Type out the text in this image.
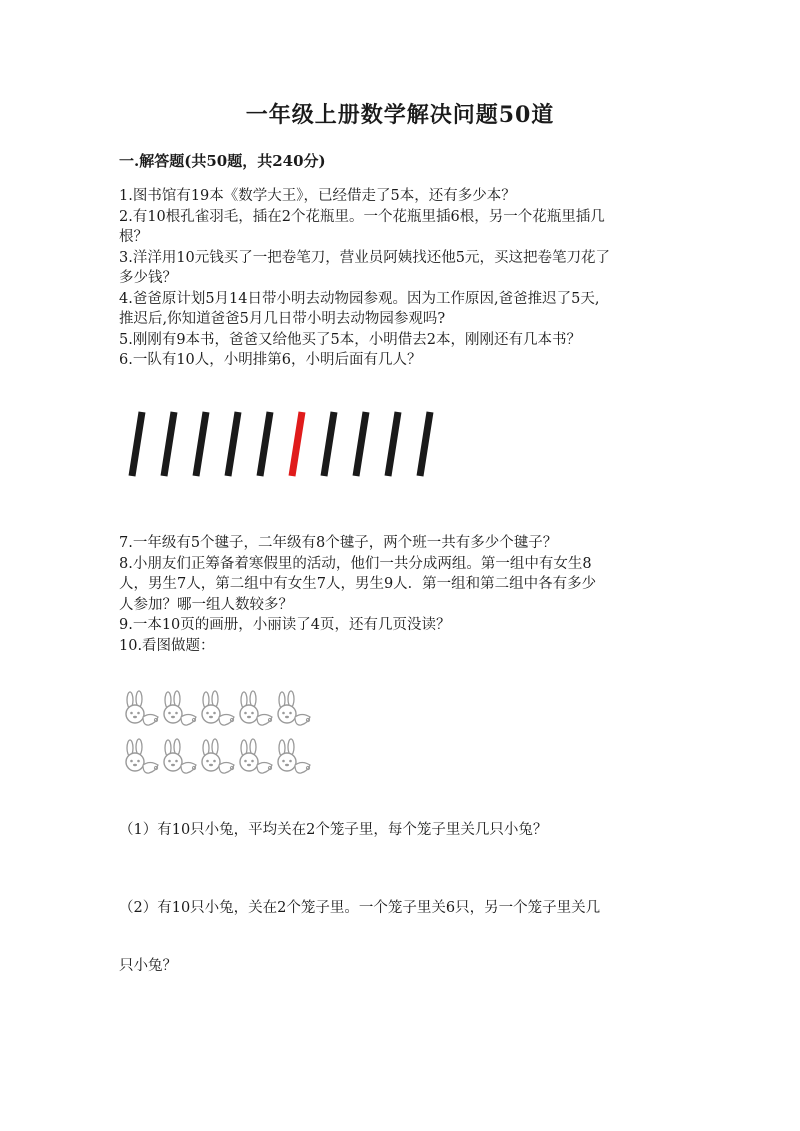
一年级上册数学解决问题50道
一.解答题(共50题，共240分)
1.图书馆有19本《数学大王》，已经借走了5本，还有多少本？
2.有10根孔雀羽毛，插在2个花瓶里。一个花瓶里插6根，另一个花瓶里插几
根？
3.洋洋用10元钱买了一把卷笔刀，营业员阿姨找还他5元，买这把卷笔刀花了
多少钱？
4.爸爸原计划5月14日带小明去动物园参观。因为工作原因,爸爸推迟了5天,
推迟后,你知道爸爸5月几日带小明去动物园参观吗?
5.刚刚有9本书，爸爸又给他买了5本，小明借去2本，刚刚还有几本书？
6.一队有10人，小明排第6，小明后面有几人？
7.一年级有5个毽子，二年级有8个毽子，两个班一共有多少个毽子？
8.小朋友们正筹备着寒假里的活动，他们一共分成两组。第一组中有女生8
人，男生7人，第二组中有女生7人，男生9人．第一组和第二组中各有多少
人参加？哪一组人数较多？
9.一本10页的画册，小丽读了4页，还有几页没读？
10.看图做题：
（1）有10只小兔，平均关在2个笼子里，每个笼子里关几只小兔？
（2）有10只小兔，关在2个笼子里。一个笼子里关6只，另一个笼子里关几
只小兔？
